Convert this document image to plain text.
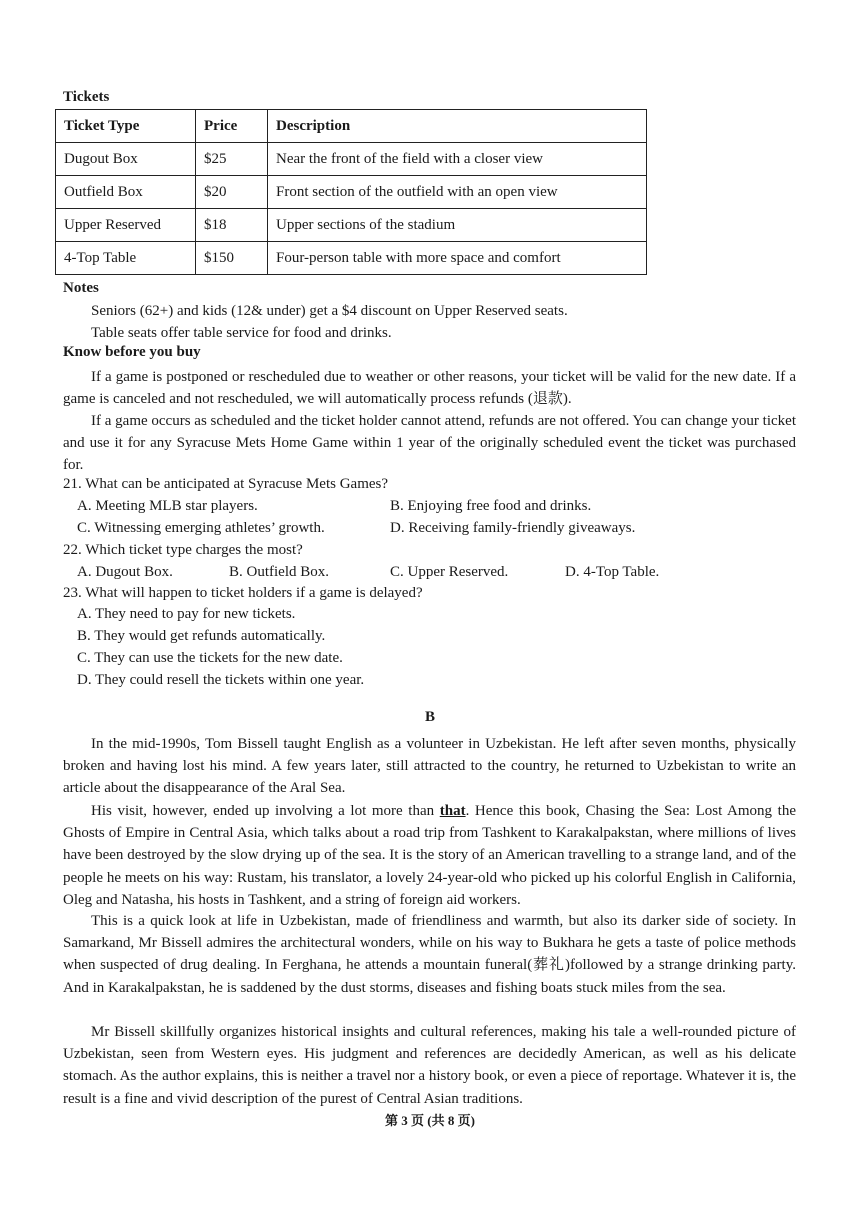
Tickets
Ticket Type	Price	Description
Dugout Box	$25	Near the front of the field with a closer view
Outfield Box	$20	Front section of the outfield with an open view
Upper Reserved	$18	Upper sections of the stadium
4-Top Table	$150	Four-person table with more space and comfort
Notes
Seniors (62+) and kids (12& under) get a $4 discount on Upper Reserved seats.
Table seats offer table service for food and drinks.
Know before you buy

If a game is postponed or rescheduled due to weather or other reasons, your ticket will be valid for the new date. If a game is canceled and not rescheduled, we will automatically process refunds (退款).

If a game occurs as scheduled and the ticket holder cannot attend, refunds are not offered. You can change your ticket and use it for any Syracuse Mets Home Game within 1 year of the originally scheduled event the ticket was purchased for.

21. What can be anticipated at Syracuse Mets Games?
A. Meeting MLB star players.	B. Enjoying free food and drinks.
C. Witnessing emerging athletes’ growth.	D. Receiving family-friendly giveaways.
22. Which ticket type charges the most?
A. Dugout Box.	B. Outfield Box.	C. Upper Reserved.	D. 4-Top Table.
23. What will happen to ticket holders if a game is delayed?
A. They need to pay for new tickets.
B. They would get refunds automatically.
C. They can use the tickets for the new date.
D. They could resell the tickets within one year.
B

In the mid-1990s, Tom Bissell taught English as a volunteer in Uzbekistan. He left after seven months, physically broken and having lost his mind. A few years later, still attracted to the country, he returned to Uzbekistan to write an article about the disappearance of the Aral Sea.

His visit, however, ended up involving a lot more than that. Hence this book, Chasing the Sea: Lost Among the Ghosts of Empire in Central Asia, which talks about a road trip from Tashkent to Karakalpakstan, where millions of lives have been destroyed by the slow drying up of the sea. It is the story of an American travelling to a strange land, and of the people he meets on his way: Rustam, his translator, a lovely 24-year-old who picked up his colorful English in California, Oleg and Natasha, his hosts in Tashkent, and a string of foreign aid workers.

This is a quick look at life in Uzbekistan, made of friendliness and warmth, but also its darker side of society. In Samarkand, Mr Bissell admires the architectural wonders, while on his way to Bukhara he gets a taste of police methods when suspected of drug dealing. In Ferghana, he attends a mountain funeral(葬礼)followed by a strange drinking party. And in Karakalpakstan, he is saddened by the dust storms, diseases and fishing boats stuck miles from the sea.

Mr Bissell skillfully organizes historical insights and cultural references, making his tale a well-rounded picture of Uzbekistan, seen from Western eyes. His judgment and references are decidedly American, as well as his delicate stomach. As the author explains, this is neither a travel nor a history book, or even a piece of reportage. Whatever it is, the result is a fine and vivid description of the purest of Central Asian traditions.

第 3 页 (共 8 页)
